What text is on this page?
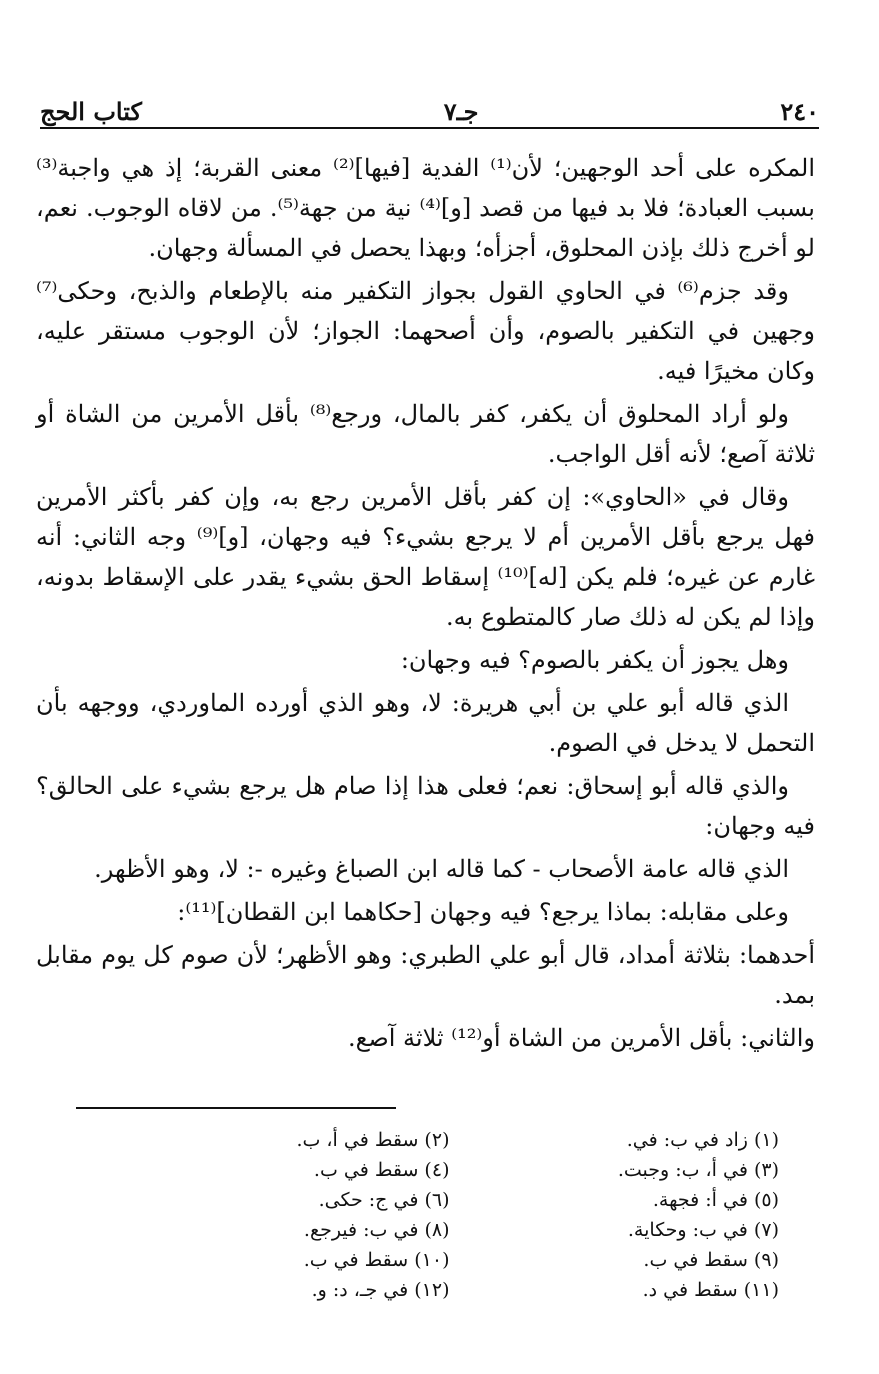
٢٤٠
جـ٧
كتاب الحج

المكره على أحد الوجهين؛ لأن⁽¹⁾ الفدية [فيها]⁽²⁾ معنى القربة؛ إذ هي واجبة⁽³⁾ بسبب العبادة؛ فلا بد فيها من قصد [و]⁽⁴⁾ نية من جهة⁽⁵⁾. من لاقاه الوجوب. نعم، لو أخرج ذلك بإذن المحلوق، أجزأه؛ وبهذا يحصل في المسألة وجهان.

وقد جزم⁽⁶⁾ في الحاوي القول بجواز التكفير منه بالإطعام والذبح، وحكى⁽⁷⁾ وجهين في التكفير بالصوم، وأن أصحهما: الجواز؛ لأن الوجوب مستقر عليه، وكان مخيرًا فيه.

ولو أراد المحلوق أن يكفر، كفر بالمال، ورجع⁽⁸⁾ بأقل الأمرين من الشاة أو ثلاثة آصع؛ لأنه أقل الواجب.

وقال في «الحاوي»: إن كفر بأقل الأمرين رجع به، وإن كفر بأكثر الأمرين فهل يرجع بأقل الأمرين أم لا يرجع بشيء؟ فيه وجهان، [و]⁽⁹⁾ وجه الثاني: أنه غارم عن غيره؛ فلم يكن [له]⁽¹⁰⁾ إسقاط الحق بشيء يقدر على الإسقاط بدونه، وإذا لم يكن له ذلك صار كالمتطوع به.

وهل يجوز أن يكفر بالصوم؟ فيه وجهان:

الذي قاله أبو علي بن أبي هريرة: لا، وهو الذي أورده الماوردي، ووجهه بأن التحمل لا يدخل في الصوم.

والذي قاله أبو إسحاق: نعم؛ فعلى هذا إذا صام هل يرجع بشيء على الحالق؟ فيه وجهان:

الذي قاله عامة الأصحاب - كما قاله ابن الصباغ وغيره -: لا، وهو الأظهر.

وعلى مقابله: بماذا يرجع؟ فيه وجهان [حكاهما ابن القطان]⁽¹¹⁾:

أحدهما: بثلاثة أمداد، قال أبو علي الطبري: وهو الأظهر؛ لأن صوم كل يوم مقابل بمد.

والثاني: بأقل الأمرين من الشاة أو⁽¹²⁾ ثلاثة آصع.

(١) زاد في ب: في.
(٢) سقط في أ، ب.
(٣) في أ، ب: وجبت.
(٤) سقط في ب.
(٥) في أ: فجهة.
(٦) في ج: حكى.
(٧) في ب: وحكاية.
(٨) في ب: فيرجع.
(٩) سقط في ب.
(١٠) سقط في ب.
(١١) سقط في د.
(١٢) في جـ، د: و.
